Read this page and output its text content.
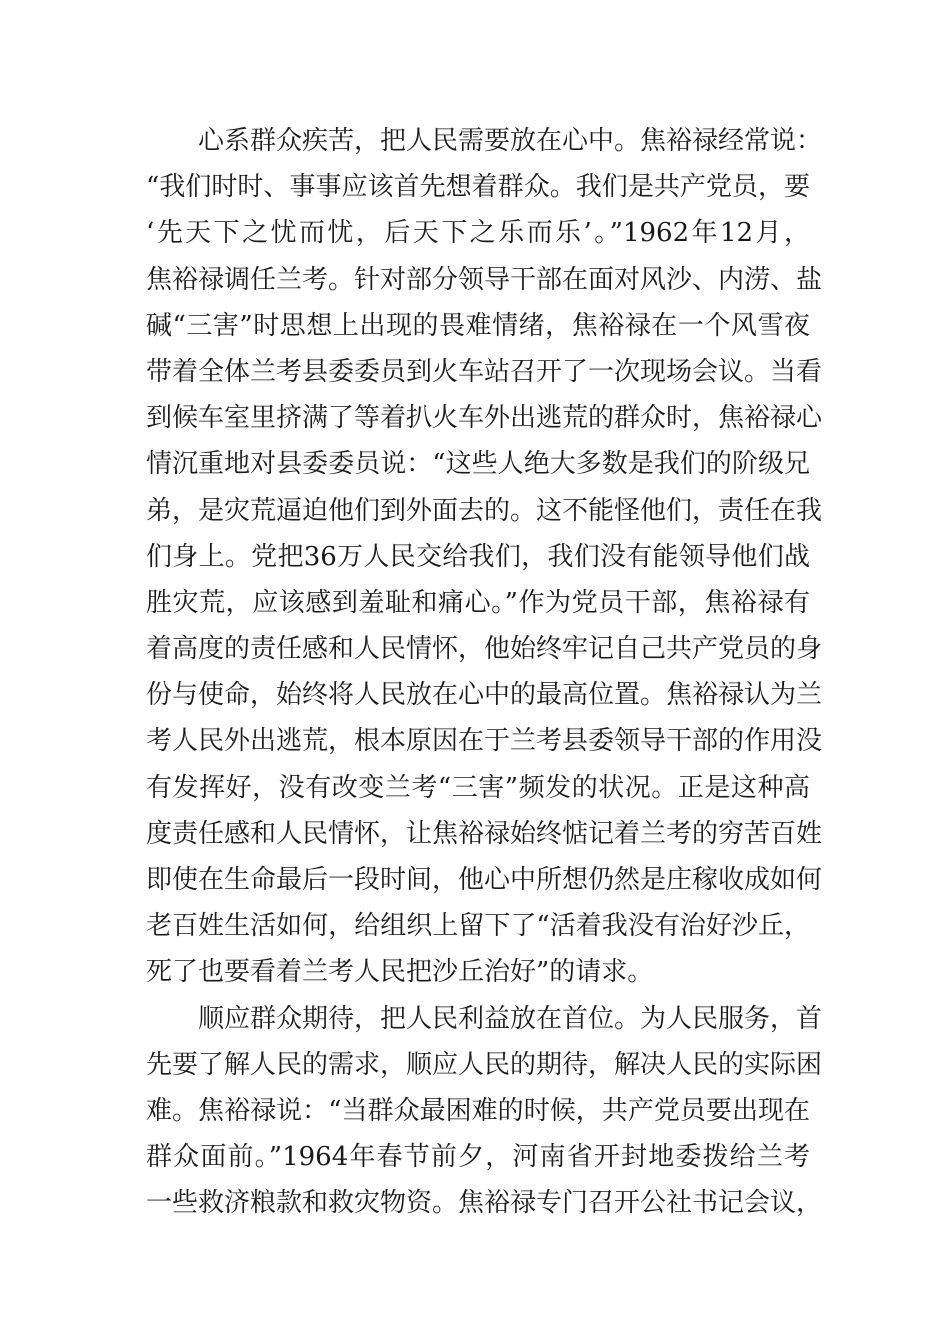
心系群众疾苦，把人民需要放在心中。焦裕禄经常说：
“我们时时、事事应该首先想着群众。我们是共产党员，要
‘先天下之忧而忧，后天下之乐而乐’。”1962年12月，
焦裕禄调任兰考。针对部分领导干部在面对风沙、内涝、盐
碱“三害”时思想上出现的畏难情绪，焦裕禄在一个风雪夜
带着全体兰考县委委员到火车站召开了一次现场会议。当看
到候车室里挤满了等着扒火车外出逃荒的群众时，焦裕禄心
情沉重地对县委委员说：“这些人绝大多数是我们的阶级兄
弟，是灾荒逼迫他们到外面去的。这不能怪他们，责任在我
们身上。党把36万人民交给我们，我们没有能领导他们战
胜灾荒，应该感到羞耻和痛心。”作为党员干部，焦裕禄有
着高度的责任感和人民情怀，他始终牢记自己共产党员的身
份与使命，始终将人民放在心中的最高位置。焦裕禄认为兰
考人民外出逃荒，根本原因在于兰考县委领导干部的作用没
有发挥好，没有改变兰考“三害”频发的状况。正是这种高
度责任感和人民情怀，让焦裕禄始终惦记着兰考的穷苦百姓
即使在生命最后一段时间，他心中所想仍然是庄稼收成如何
老百姓生活如何，给组织上留下了“活着我没有治好沙丘，
死了也要看着兰考人民把沙丘治好”的请求。
顺应群众期待，把人民利益放在首位。为人民服务，首
先要了解人民的需求，顺应人民的期待，解决人民的实际困
难。焦裕禄说：“当群众最困难的时候，共产党员要出现在
群众面前。”1964年春节前夕，河南省开封地委拨给兰考
一些救济粮款和救灾物资。焦裕禄专门召开公社书记会议，
